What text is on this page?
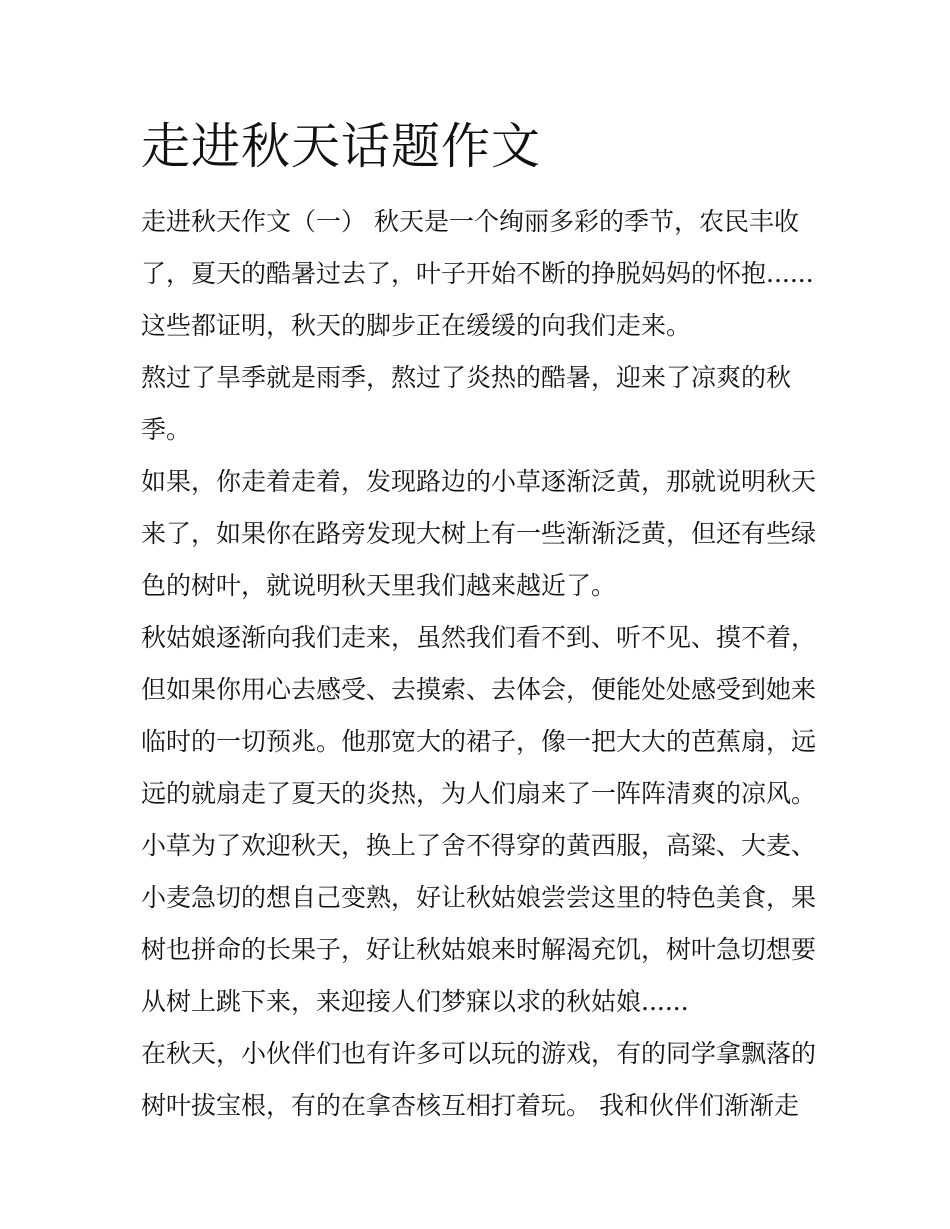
走进秋天话题作文
走进秋天作文（一） 秋天是一个绚丽多彩的季节，农民丰收
了，夏天的酷暑过去了，叶子开始不断的挣脱妈妈的怀抱......
这些都证明，秋天的脚步正在缓缓的向我们走来。
熬过了旱季就是雨季，熬过了炎热的酷暑，迎来了凉爽的秋
季。
如果，你走着走着，发现路边的小草逐渐泛黄，那就说明秋天
来了，如果你在路旁发现大树上有一些渐渐泛黄，但还有些绿
色的树叶，就说明秋天里我们越来越近了。
秋姑娘逐渐向我们走来，虽然我们看不到、听不见、摸不着，
但如果你用心去感受、去摸索、去体会，便能处处感受到她来
临时的一切预兆。他那宽大的裙子，像一把大大的芭蕉扇，远
远的就扇走了夏天的炎热，为人们扇来了一阵阵清爽的凉风。
小草为了欢迎秋天，换上了舍不得穿的黄西服，高粱、大麦、
小麦急切的想自己变熟，好让秋姑娘尝尝这里的特色美食，果
树也拼命的长果子，好让秋姑娘来时解渴充饥，树叶急切想要
从树上跳下来，来迎接人们梦寐以求的秋姑娘......
在秋天，小伙伴们也有许多可以玩的游戏，有的同学拿飘落的
树叶拔宝根，有的在拿杏核互相打着玩。 我和伙伴们渐渐走
